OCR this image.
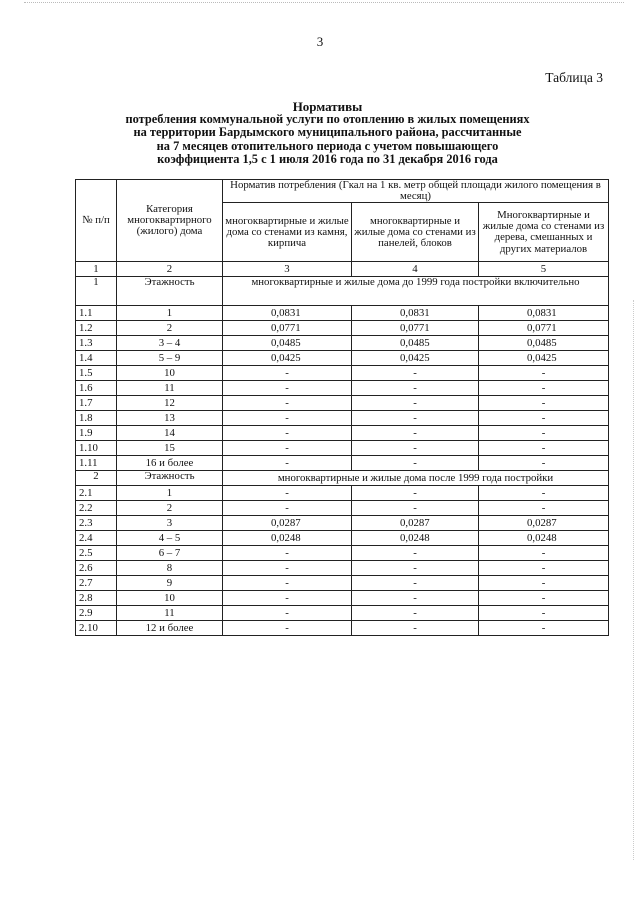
3
Таблица 3
Нормативы
потребления коммунальной услуги по отоплению в жилых помещениях
на территории Бардымского муниципального района, рассчитанные
на 7 месяцев отопительного периода с учетом повышающего
коэффициента 1,5 с 1 июля 2016 года по 31 декабря 2016 года
№ п/п	Категория многоквартирного (жилого) дома	Норматив потребления (Гкал на 1 кв. метр общей площади жилого помещения в месяц)		
		многоквартирные и жилые дома со стенами из камня, кирпича	многоквартирные и жилые дома со стенами из панелей, блоков	Многоквартирные и жилые дома со стенами из дерева, смешанных и других материалов
1	2	3	4	5
1	Этажность	многоквартирные и жилые дома до 1999 года постройки включительно		
1.1	1	0,0831	0,0831	0,0831
1.2	2	0,0771	0,0771	0,0771
1.3	3 – 4	0,0485	0,0485	0,0485
1.4	5 – 9	0,0425	0,0425	0,0425
1.5	10	-	-	-
1.6	11	-	-	-
1.7	12	-	-	-
1.8	13	-	-	-
1.9	14	-	-	-
1.10	15	-	-	-
1.11	16 и более	-	-	-
2	Этажность	многоквартирные и жилые дома после 1999 года постройки		
2.1	1	-	-	-
2.2	2	-	-	-
2.3	3	0,0287	0,0287	0,0287
2.4	4 – 5	0,0248	0,0248	0,0248
2.5	6 – 7	-	-	-
2.6	8	-	-	-
2.7	9	-	-	-
2.8	10	-	-	-
2.9	11	-	-	-
2.10	12 и более	-	-	-
